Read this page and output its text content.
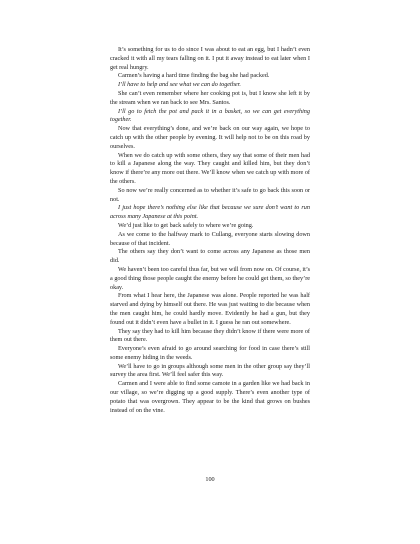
It’s something for us to do since I was about to eat an egg, but I hadn’t even cracked it with all my tears falling on it. I put it away instead to eat later when I get real hungry.

Carmen’s having a hard time finding the bag she had packed.

I’ll have to help and see what we can do together.

She can’t even remember where her cooking pot is, but I know she left it by the stream when we ran back to see Mrs. Santos.

I’ll go to fetch the pot and pack it in a basket, so we can get everything together.

Now that everything’s done, and we’re back on our way again, we hope to catch up with the other people by evening. It will help not to be on this road by ourselves.

When we do catch up with some others, they say that some of their men had to kill a Japanese along the way. They caught and killed him, but they don’t know if there’re any more out there. We’ll know when we catch up with more of the others.

So now we’re really concerned as to whether it’s safe to go back this soon or not.

I just hope there’s nothing else like that because we sure don’t want to run across many Japanese at this point.

We’d just like to get back safely to where we’re going.

As we come to the halfway mark to Cullang, everyone starts slowing down because of that incident.

The others say they don’t want to come across any Japanese as those men did.

We haven’t been too careful thus far, but we will from now on. Of course, it’s a good thing those people caught the enemy before he could get them, so they’re okay.

From what I hear here, the Japanese was alone. People reported he was half starved and dying by himself out there. He was just waiting to die because when the men caught him, he could hardly move. Evidently he had a gun, but they found out it didn’t even have a bullet in it. I guess he ran out somewhere.

They say they had to kill him because they didn’t know if there were more of them out there.

Everyone’s even afraid to go around searching for food in case there’s still some enemy hiding in the weeds.

We’ll have to go in groups although some men in the other group say they’ll survey the area first. We’ll feel safer this way.

Carmen and I were able to find some camote in a garden like we had back in our village, so we’re digging up a good supply. There’s even another type of potato that was overgrown. They appear to be the kind that grows on bushes instead of on the vine.

100
